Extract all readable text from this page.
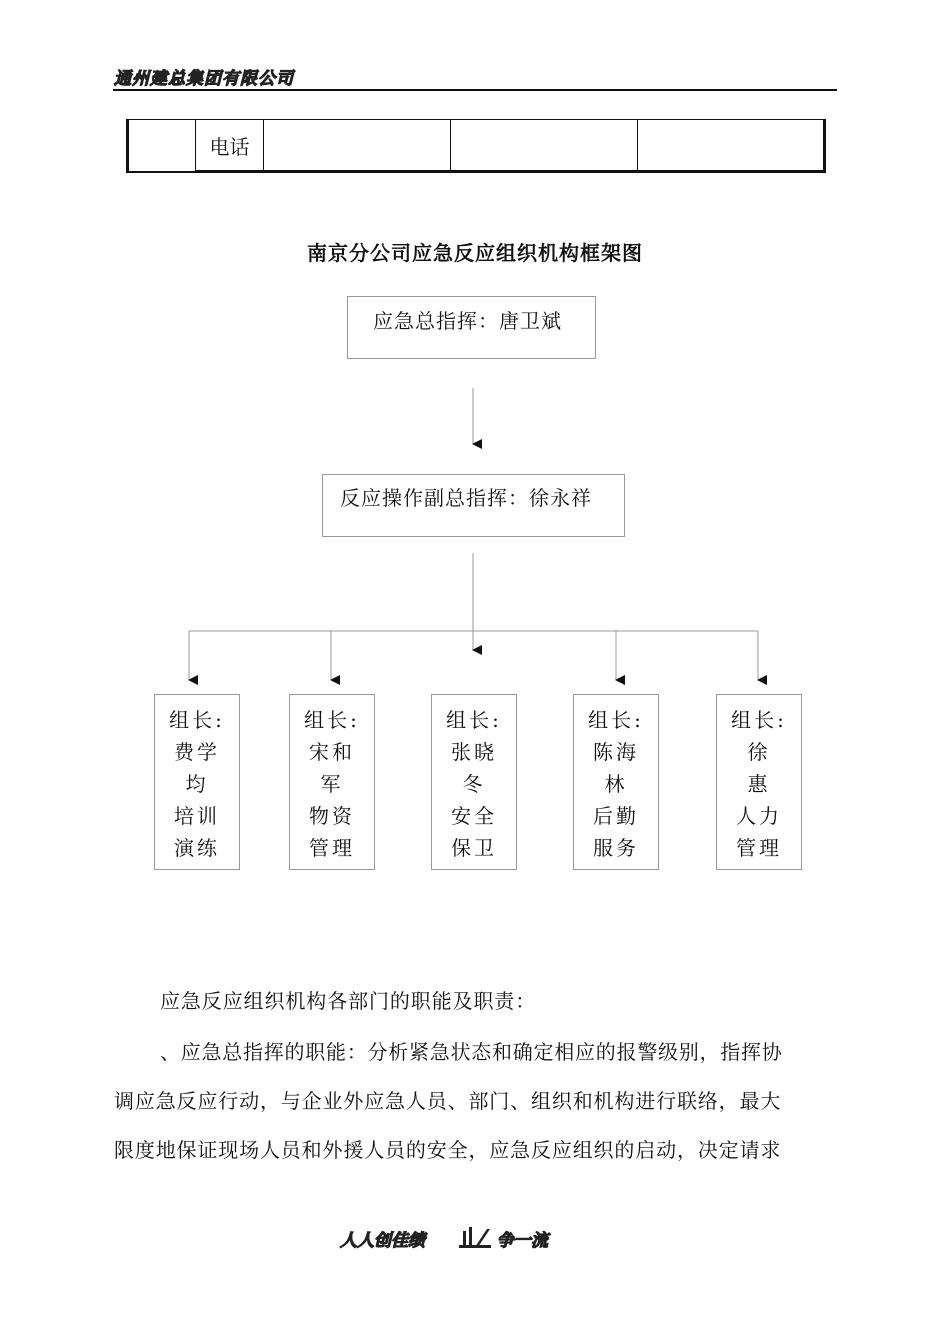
通州建总集团有限公司
	电话			
南京分公司应急反应组织机构框架图
应急总指挥：唐卫斌
反应操作副总指挥：徐永祥
组长:
费学
均
培训
演练
组长:
宋和
军
物资
管理
组长:
张晓
冬
安全
保卫
组长:
陈海
林
后勤
服务
组长:
徐
惠
人力
管理
应急反应组织机构各部门的职能及职责：
、应急总指挥的职能：分析紧急状态和确定相应的报警级别，指挥协
调应急反应行动，与企业外应急人员、部门、组织和机构进行联络，最大
限度地保证现场人员和外援人员的安全，应急反应组织的启动，决定请求
人人创佳绩	争一流
